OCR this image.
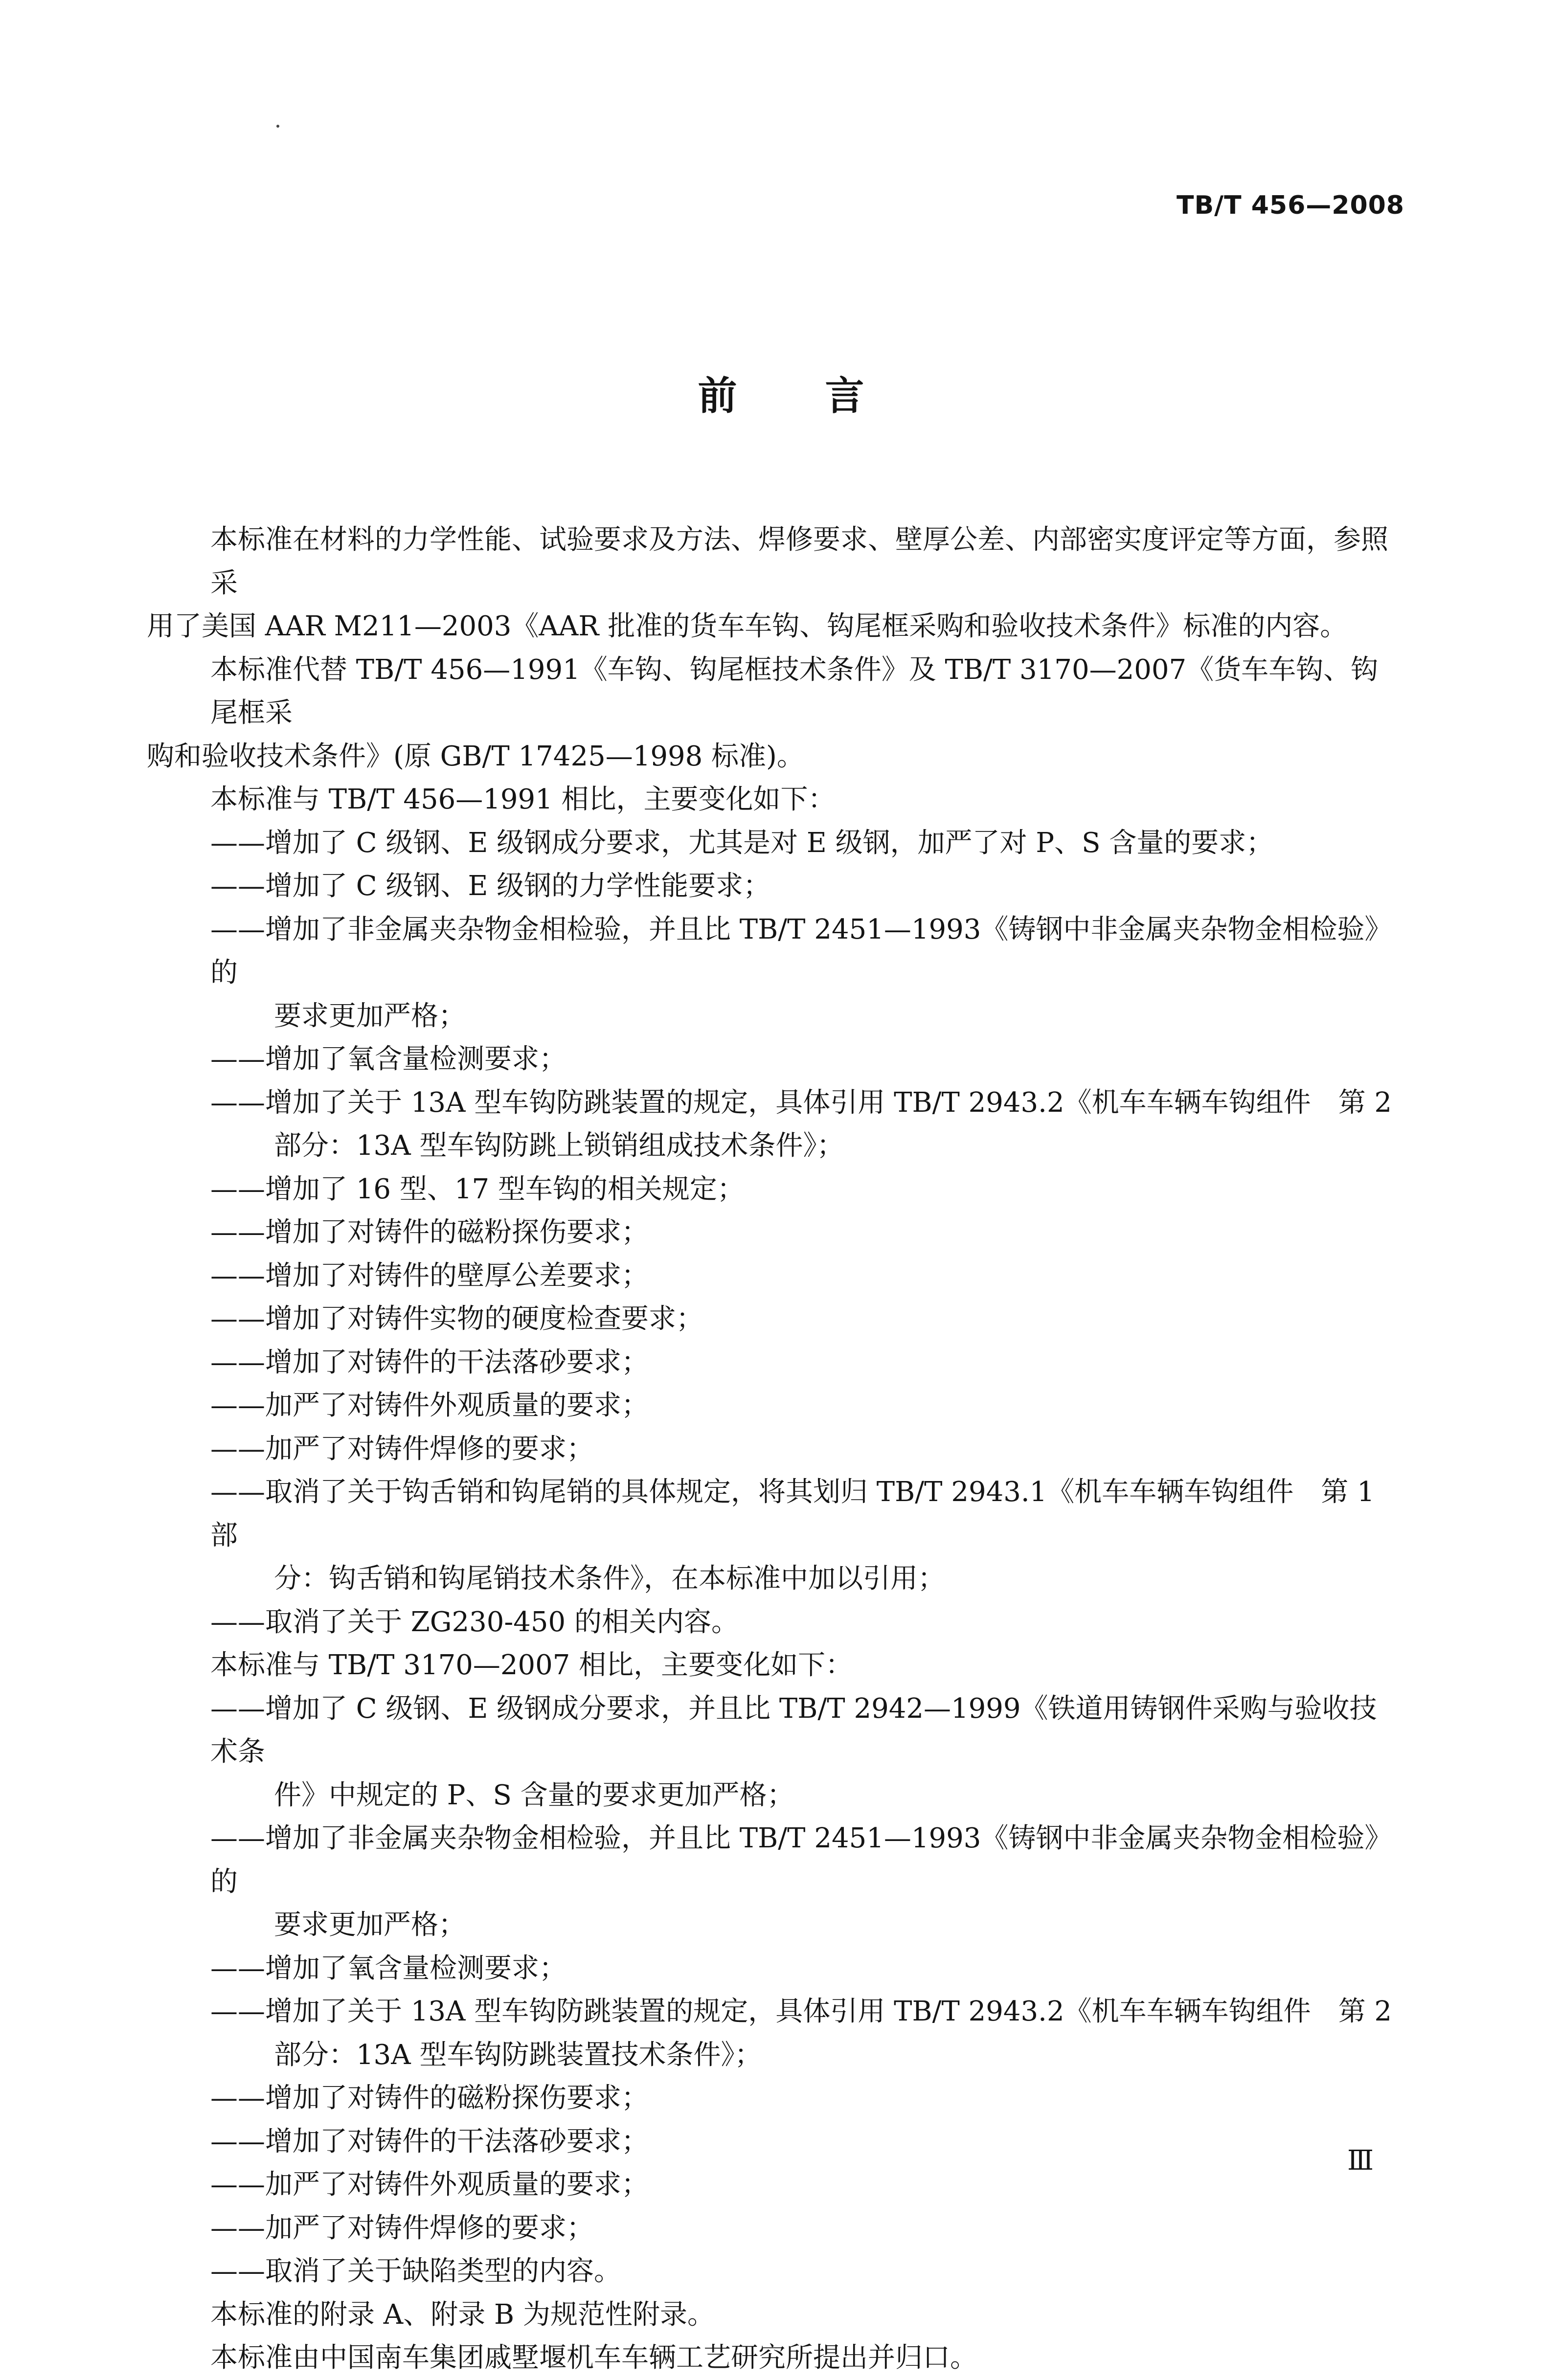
TB/T 456—2008
前 言
本标准在材料的力学性能、试验要求及方法、焊修要求、壁厚公差、内部密实度评定等方面，参照采
用了美国 AAR M211—2003《AAR 批准的货车车钩、钩尾框采购和验收技术条件》标准的内容。
本标准代替 TB/T 456—1991《车钩、钩尾框技术条件》及 TB/T 3170—2007《货车车钩、钩尾框采
购和验收技术条件》(原 GB/T 17425—1998 标准)。
本标准与 TB/T 456—1991 相比，主要变化如下：
——增加了 C 级钢、E 级钢成分要求，尤其是对 E 级钢，加严了对 P、S 含量的要求；
——增加了 C 级钢、E 级钢的力学性能要求；
——增加了非金属夹杂物金相检验，并且比 TB/T 2451—1993《铸钢中非金属夹杂物金相检验》的
要求更加严格；
——增加了氧含量检测要求；
——增加了关于 13A 型车钩防跳装置的规定，具体引用 TB/T 2943.2《机车车辆车钩组件　第 2
部分：13A 型车钩防跳上锁销组成技术条件》；
——增加了 16 型、17 型车钩的相关规定；
——增加了对铸件的磁粉探伤要求；
——增加了对铸件的壁厚公差要求；
——增加了对铸件实物的硬度检查要求；
——增加了对铸件的干法落砂要求；
——加严了对铸件外观质量的要求；
——加严了对铸件焊修的要求；
——取消了关于钩舌销和钩尾销的具体规定，将其划归 TB/T 2943.1《机车车辆车钩组件　第 1 部
分：钩舌销和钩尾销技术条件》，在本标准中加以引用；
——取消了关于 ZG230-450 的相关内容。
本标准与 TB/T 3170—2007 相比，主要变化如下：
——增加了 C 级钢、E 级钢成分要求，并且比 TB/T 2942—1999《铁道用铸钢件采购与验收技术条
件》中规定的 P、S 含量的要求更加严格；
——增加了非金属夹杂物金相检验，并且比 TB/T 2451—1993《铸钢中非金属夹杂物金相检验》的
要求更加严格；
——增加了氧含量检测要求；
——增加了关于 13A 型车钩防跳装置的规定，具体引用 TB/T 2943.2《机车车辆车钩组件　第 2
部分：13A 型车钩防跳装置技术条件》；
——增加了对铸件的磁粉探伤要求；
——增加了对铸件的干法落砂要求；
——加严了对铸件外观质量的要求；
——加严了对铸件焊修的要求；
——取消了关于缺陷类型的内容。
本标准的附录 A、附录 B 为规范性附录。
本标准由中国南车集团戚墅堰机车车辆工艺研究所提出并归口。
Ⅲ
